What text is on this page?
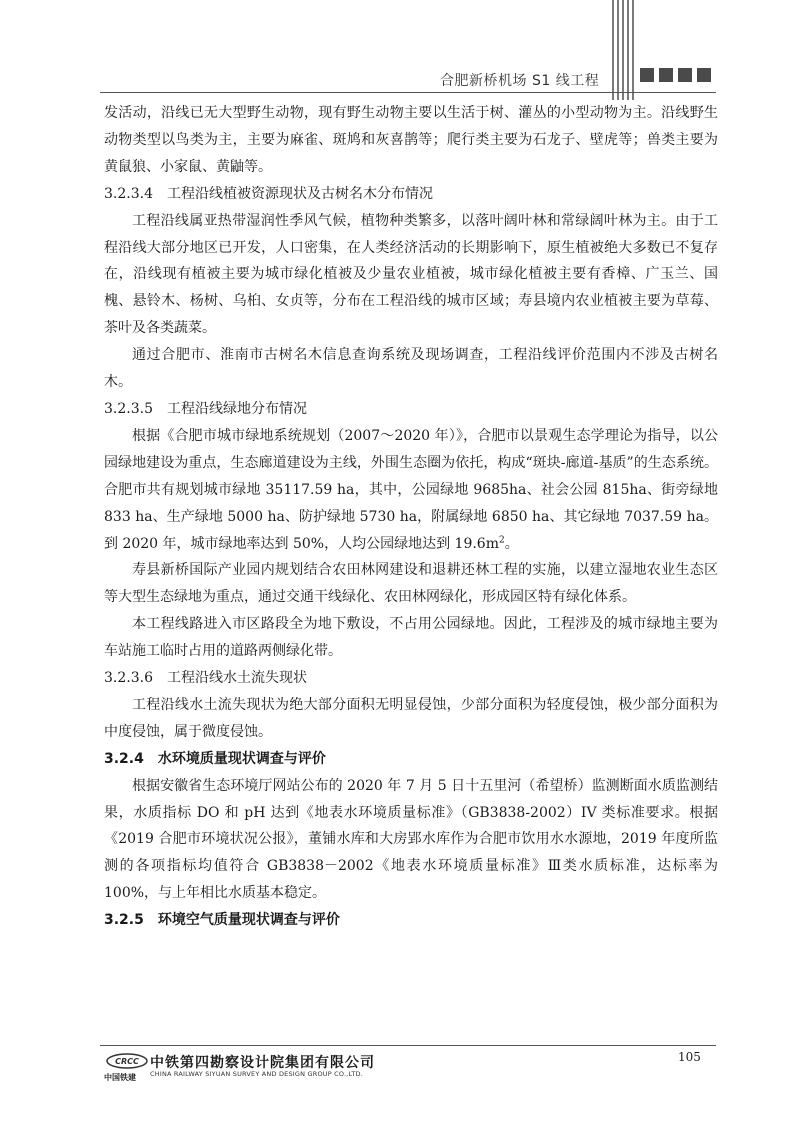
合肥新桥机场 S1 线工程

发活动，沿线已无大型野生动物，现有野生动物主要以生活于树、灌丛的小型动物为主。沿线野生动物类型以鸟类为主，主要为麻雀、斑鸠和灰喜鹊等；爬行类主要为石龙子、壁虎等；兽类主要为黄鼠狼、小家鼠、黄鼬等。

3.2.3.4　工程沿线植被资源现状及古树名木分布情况

工程沿线属亚热带湿润性季风气候，植物种类繁多，以落叶阔叶林和常绿阔叶林为主。由于工程沿线大部分地区已开发，人口密集，在人类经济活动的长期影响下，原生植被绝大多数已不复存在，沿线现有植被主要为城市绿化植被及少量农业植被，城市绿化植被主要有香樟、广玉兰、国槐、悬铃木、杨树、乌桕、女贞等，分布在工程沿线的城市区域；寿县境内农业植被主要为草莓、茶叶及各类蔬菜。

通过合肥市、淮南市古树名木信息查询系统及现场调查，工程沿线评价范围内不涉及古树名木。

3.2.3.5　工程沿线绿地分布情况

根据《合肥市城市绿地系统规划（2007～2020 年）》，合肥市以景观生态学理论为指导，以公园绿地建设为重点，生态廊道建设为主线，外围生态圈为依托，构成“斑块-廊道-基质”的生态系统。合肥市共有规划城市绿地 35117.59 ha，其中，公园绿地 9685ha、社会公园 815ha、街旁绿地 833 ha、生产绿地 5000 ha、防护绿地 5730 ha，附属绿地 6850 ha、其它绿地 7037.59 ha。到 2020 年，城市绿地率达到 50%，人均公园绿地达到 $19.6m^2$。

寿县新桥国际产业园内规划结合农田林网建设和退耕还林工程的实施，以建立湿地农业生态区等大型生态绿地为重点，通过交通干线绿化、农田林网绿化，形成园区特有绿化体系。

本工程线路进入市区路段全为地下敷设，不占用公园绿地。因此，工程涉及的城市绿地主要为车站施工临时占用的道路两侧绿化带。

3.2.3.6　工程沿线水土流失现状

工程沿线水土流失现状为绝大部分面积无明显侵蚀，少部分面积为轻度侵蚀，极少部分面积为中度侵蚀，属于微度侵蚀。

3.2.4　水环境质量现状调查与评价

根据安徽省生态环境厅网站公布的 2020 年 7 月 5 日十五里河（希望桥）监测断面水质监测结果，水质指标 DO 和 pH 达到《地表水环境质量标准》（GB3838-2002）IV 类标准要求。根据《2019 合肥市环境状况公报》，董铺水库和大房郢水库作为合肥市饮用水水源地，2019 年度所监测的各项指标均值符合 GB3838－2002《地表水环境质量标准》Ⅲ类水质标准，达标率为 100%，与上年相比水质基本稳定。

3.2.5　环境空气质量现状调查与评价

CRCC
中国铁建
中铁第四勘察设计院集团有限公司
CHINA RAILWAY SIYUAN SURVEY AND DESIGN GROUP CO.,LTD.
105
